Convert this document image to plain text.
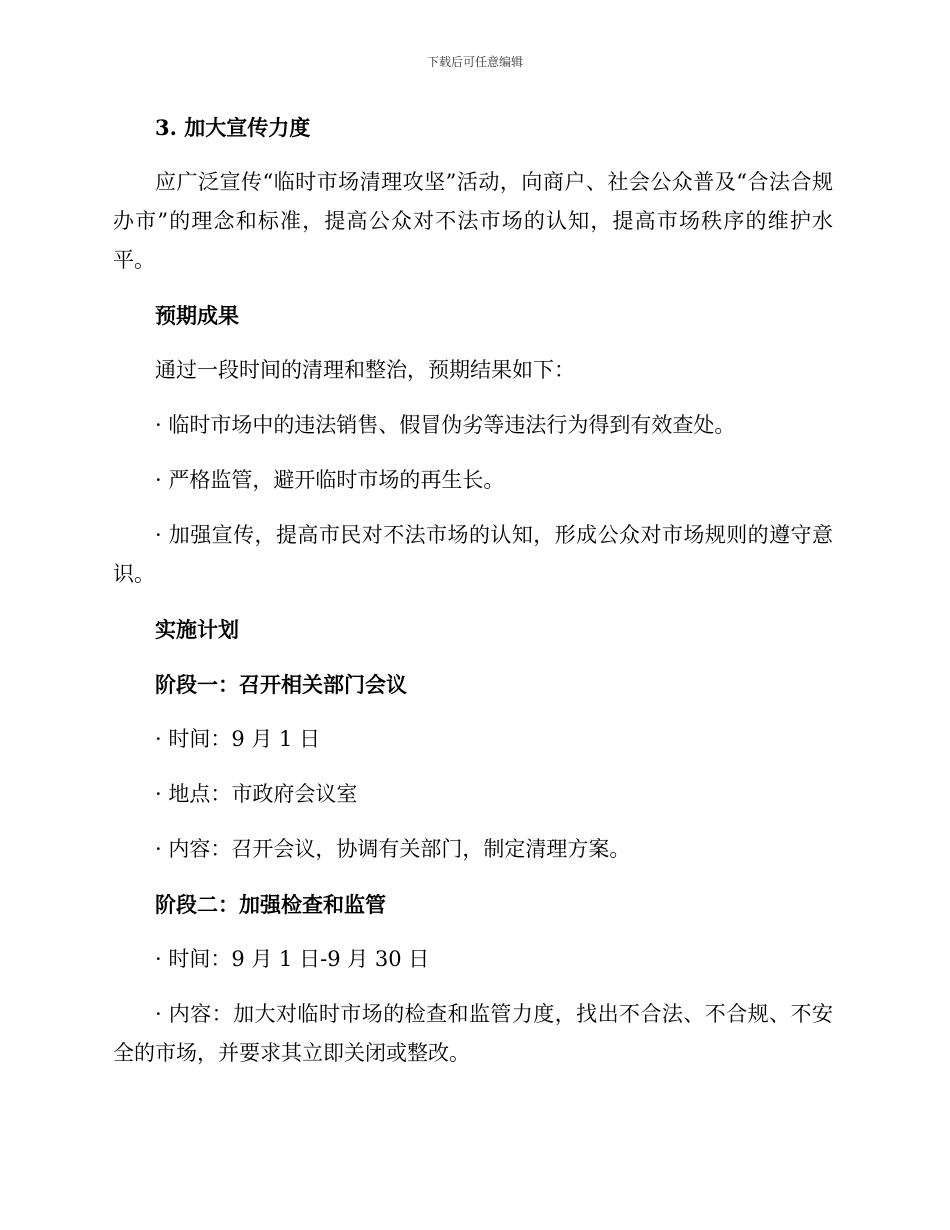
下载后可任意编辑
3. 加大宣传力度
应广泛宣传“临时市场清理攻坚”活动，向商户、社会公众普及“合法合规办市”的理念和标准，提高公众对不法市场的认知，提高市场秩序的维护水平。
预期成果
通过一段时间的清理和整治，预期结果如下：
· 临时市场中的违法销售、假冒伪劣等违法行为得到有效查处。
· 严格监管，避开临时市场的再生长。
· 加强宣传，提高市民对不法市场的认知，形成公众对市场规则的遵守意识。
实施计划
阶段一：召开相关部门会议
· 时间：9 月 1 日
· 地点：市政府会议室
· 内容：召开会议，协调有关部门，制定清理方案。
阶段二：加强检查和监管
· 时间：9 月 1 日-9 月 30 日
· 内容：加大对临时市场的检查和监管力度，找出不合法、不合规、不安全的市场，并要求其立即关闭或整改。
